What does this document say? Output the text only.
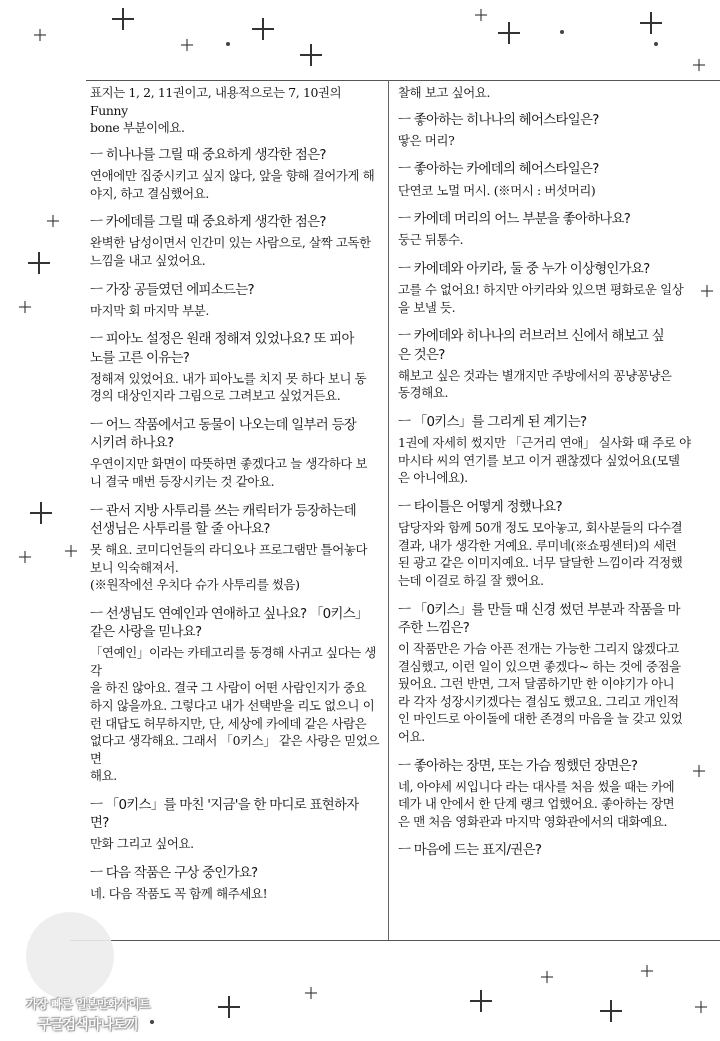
표지는 1, 2, 11권이고, 내용적으로는 7, 10권의 Funny
bone 부분이에요.
ㅡ 히나나를 그릴 때 중요하게 생각한 점은?
연애에만 집중시키고 싶지 않다, 앞을 향해 걸어가게 해
야지, 하고 결심했어요.
ㅡ 카에데를 그릴 때 중요하게 생각한 점은?
완벽한 남성이면서 인간미 있는 사람으로, 살짝 고독한
느낌을 내고 싶었어요.
ㅡ 가장 공들였던 에피소드는?
마지막 회 마지막 부분.
ㅡ 피아노 설정은 원래 정해져 있었나요? 또 피아
노를 고른 이유는?
정해져 있었어요. 내가 피아노를 치지 못 하다 보니 동
경의 대상인지라 그림으로 그려보고 싶었거든요.
ㅡ 어느 작품에서고 동물이 나오는데 일부러 등장
시키려 하나요?
우연이지만 화면이 따뜻하면 좋겠다고 늘 생각하다 보
니 결국 매번 등장시키는 것 같아요.
ㅡ 관서 지방 사투리를 쓰는 캐릭터가 등장하는데
선생님은 사투리를 할 줄 아나요?
못 해요. 코미디언들의 라디오나 프로그램만 틀어놓다
보니 익숙해져서.
(※원작에선 우치다 슈가 사투리를 썼음)
ㅡ 선생님도 연예인과 연애하고 싶나요? 「0키스」
같은 사랑을 믿나요?
「연예인」이라는 카테고리를 동경해 사귀고 싶다는 생각
을 하진 않아요. 결국 그 사람이 어떤 사람인지가 중요
하지 않을까요. 그렇다고 내가 선택받을 리도 없으니 이
런 대답도 허무하지만, 단, 세상에 카에데 같은 사람은
없다고 생각해요. 그래서 「0키스」 같은 사랑은 믿었으면
해요.
ㅡ 「0키스」를 마친 '지금'을 한 마디로 표현하자
면?
만화 그리고 싶어요.
ㅡ 다음 작품은 구상 중인가요?
네. 다음 작품도 꼭 함께 해주세요!
찰해 보고 싶어요.
ㅡ 좋아하는 히나나의 헤어스타일은?
땋은 머리?
ㅡ 좋아하는 카에데의 헤어스타일은?
단연코 노멀 머시. (※머시 : 버섯머리)
ㅡ 카에데 머리의 어느 부분을 좋아하나요?
둥근 뒤통수.
ㅡ 카에데와 아키라, 둘 중 누가 이상형인가요?
고를 수 없어요! 하지만 아키라와 있으면 평화로운 일상
을 보낼 듯.
ㅡ 카에데와 히나나의 러브러브 신에서 해보고 싶
은 것은?
해보고 싶은 것과는 별개지만 주방에서의 꽁냥꽁냥은
동경해요.
ㅡ 「0키스」를 그리게 된 계기는?
1권에 자세히 썼지만 「근거리 연애」 실사화 때 주로 야
마시타 씨의 연기를 보고 이거 괜찮겠다 싶었어요(모델
은 아니에요).
ㅡ 타이틀은 어떻게 정했나요?
담당자와 함께 50개 정도 모아놓고, 회사분들의 다수결
결과, 내가 생각한 거예요. 루미네(※쇼핑센터)의 세련
된 광고 같은 이미지예요. 너무 달달한 느낌이라 걱정했
는데 이걸로 하길 잘 했어요.
ㅡ 「0키스」를 만들 때 신경 썼던 부분과 작품을 마
주한 느낌은?
이 작품만은 가슴 아픈 전개는 가능한 그리지 않겠다고
결심했고, 이런 일이 있으면 좋겠다~ 하는 것에 중점을
뒀어요. 그런 반면, 그저 달콤하기만 한 이야기가 아니
라 각자 성장시키겠다는 결심도 했고요. 그리고 개인적
인 마인드로 아이돌에 대한 존경의 마음을 늘 갖고 있었
어요.
ㅡ 좋아하는 장면, 또는 가슴 찡했던 장면은?
네, 아야세 씨입니다 라는 대사를 처음 썼을 때는 카에
데가 내 안에서 한 단계 랭크 업했어요. 좋아하는 장면
은 맨 처음 영화관과 마지막 영화관에서의 대화예요.
ㅡ 마음에 드는 표지/권은?
가장 빠른 일본만화사이트
구글검색마나토끼
